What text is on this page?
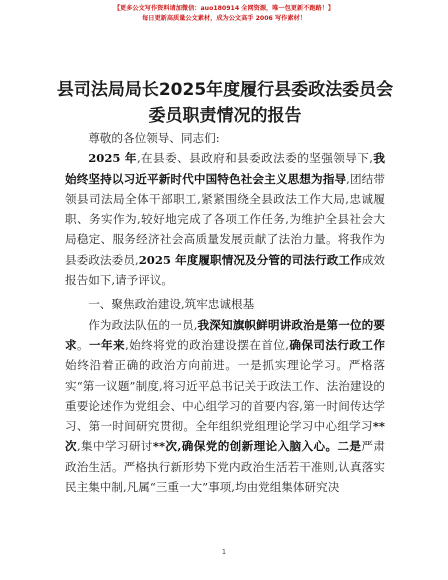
【更多公文写作资料请加微信：auo180914 全网资源，唯一包更新不跑路！】
每日更新高质量公文素材，成为公文高手 2006 写作素材！
县司法局局长2025年度履行县委政法委员会委员职责情况的报告

尊敬的各位领导、同志们:

2025 年,在县委、县政府和县委政法委的坚强领导下,我始终坚持以习近平新时代中国特色社会主义思想为指导,团结带领县司法局全体干部职工,紧紧围绕全县政法工作大局,忠诚履职、务实作为,较好地完成了各项工作任务,为维护全县社会大局稳定、服务经济社会高质量发展贡献了法治力量。将我作为县委政法委员,2025 年度履职情况及分管的司法行政工作成效报告如下,请予评议。

一、聚焦政治建设,筑牢忠诚根基

作为政法队伍的一员,我深知旗帜鲜明讲政治是第一位的要求。一年来,始终将党的政治建设摆在首位,确保司法行政工作始终沿着正确的政治方向前进。一是抓实理论学习。严格落实“第一议题”制度,将习近平总书记关于政法工作、法治建设的重要论述作为党组会、中心组学习的首要内容,第一时间传达学习、第一时间研究贯彻。全年组织党组理论学习中心组学习**次,集中学习研讨**次,确保党的创新理论入脑入心。二是严肃政治生活。严格执行新形势下党内政治生活若干准则,认真落实民主集中制,凡属“三重一大”事项,均由党组集体研究决

1
